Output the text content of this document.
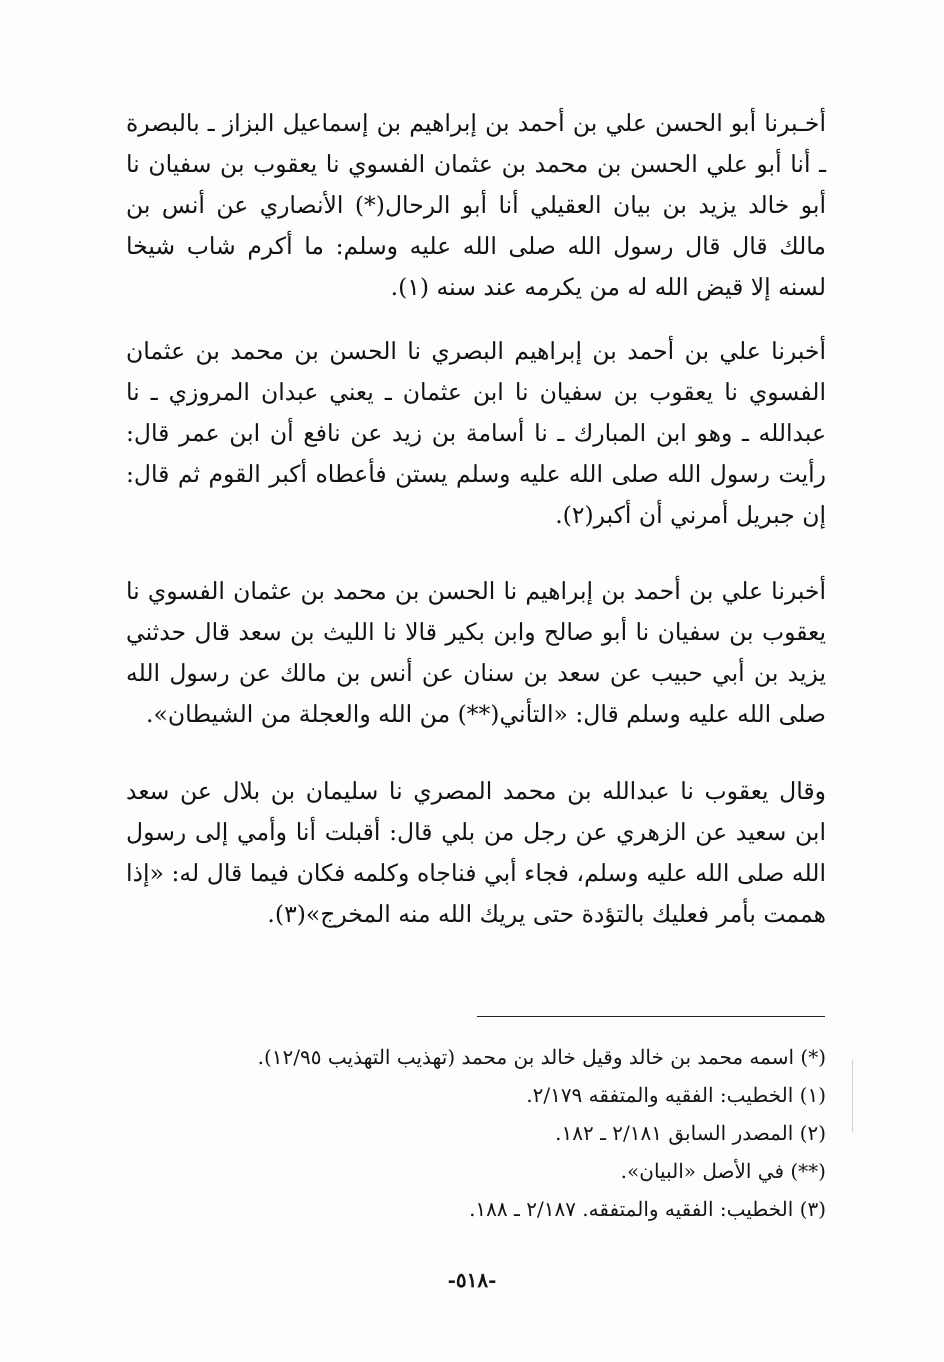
أخـبرنا أبو الحسن علي بن أحمد بن إبراهيم بن إسماعيل البزاز ـ بالبصرة ـ أنا أبو علي الحسن بن محمد بن عثمان الفسوي نا يعقوب بن سفيان نا أبو خالد يزيد بن بيان العقيلي أنا أبو الرحال(*) الأنصاري عن أنس بن مالك قال قال رسول الله صلى الله عليه وسلم: ما أكرم شاب شيخا لسنه إلا قيض الله له من يكرمه عند سنه (١).

أخبرنا علي بن أحمد بن إبراهيم البصري نا الحسن بن محمد بن عثمان الفسوي نا يعقوب بن سفيان نا ابن عثمان ـ يعني عبدان المروزي ـ نا عبدالله ـ وهو ابن المبارك ـ نا أسامة بن زيد عن نافع أن ابن عمر قال: رأيت رسول الله صلى الله عليه وسلم يستن فأعطاه أكبر القوم ثم قال: إن جبريل أمرني أن أكبر(٢).

أخبرنا علي بن أحمد بن إبراهيم نا الحسن بن محمد بن عثمان الفسوي نا يعقوب بن سفيان نا أبو صالح وابن بكير قالا نا الليث بن سعد قال حدثني يزيد بن أبي حبيب عن سعد بن سنان عن أنس بن مالك عن رسول الله صلى الله عليه وسلم قال: «التأني(**) من الله والعجلة من الشيطان».

وقال يعقوب نا عبدالله بن محمد المصري نا سليمان بن بلال عن سعد ابن سعيد عن الزهري عن رجل من بلي قال: أقبلت أنا وأمي إلى رسول الله صلى الله عليه وسلم، فجاء أبي فناجاه وكلمه فكان فيما قال له: «إذا هممت بأمر فعليك بالتؤدة حتى يريك الله منه المخرج»(٣).

(*) اسمه محمد بن خالد وقيل خالد بن محمد (تهذيب التهذيب ١٢/٩٥).

(١) الخطيب: الفقيه والمتفقه ٢/١٧٩.

(٢) المصدر السابق ٢/١٨١ ـ ١٨٢.

(**) في الأصل «البيان».

(٣) الخطيب: الفقيه والمتفقه. ٢/١٨٧ ـ ١٨٨.

-٥١٨-
